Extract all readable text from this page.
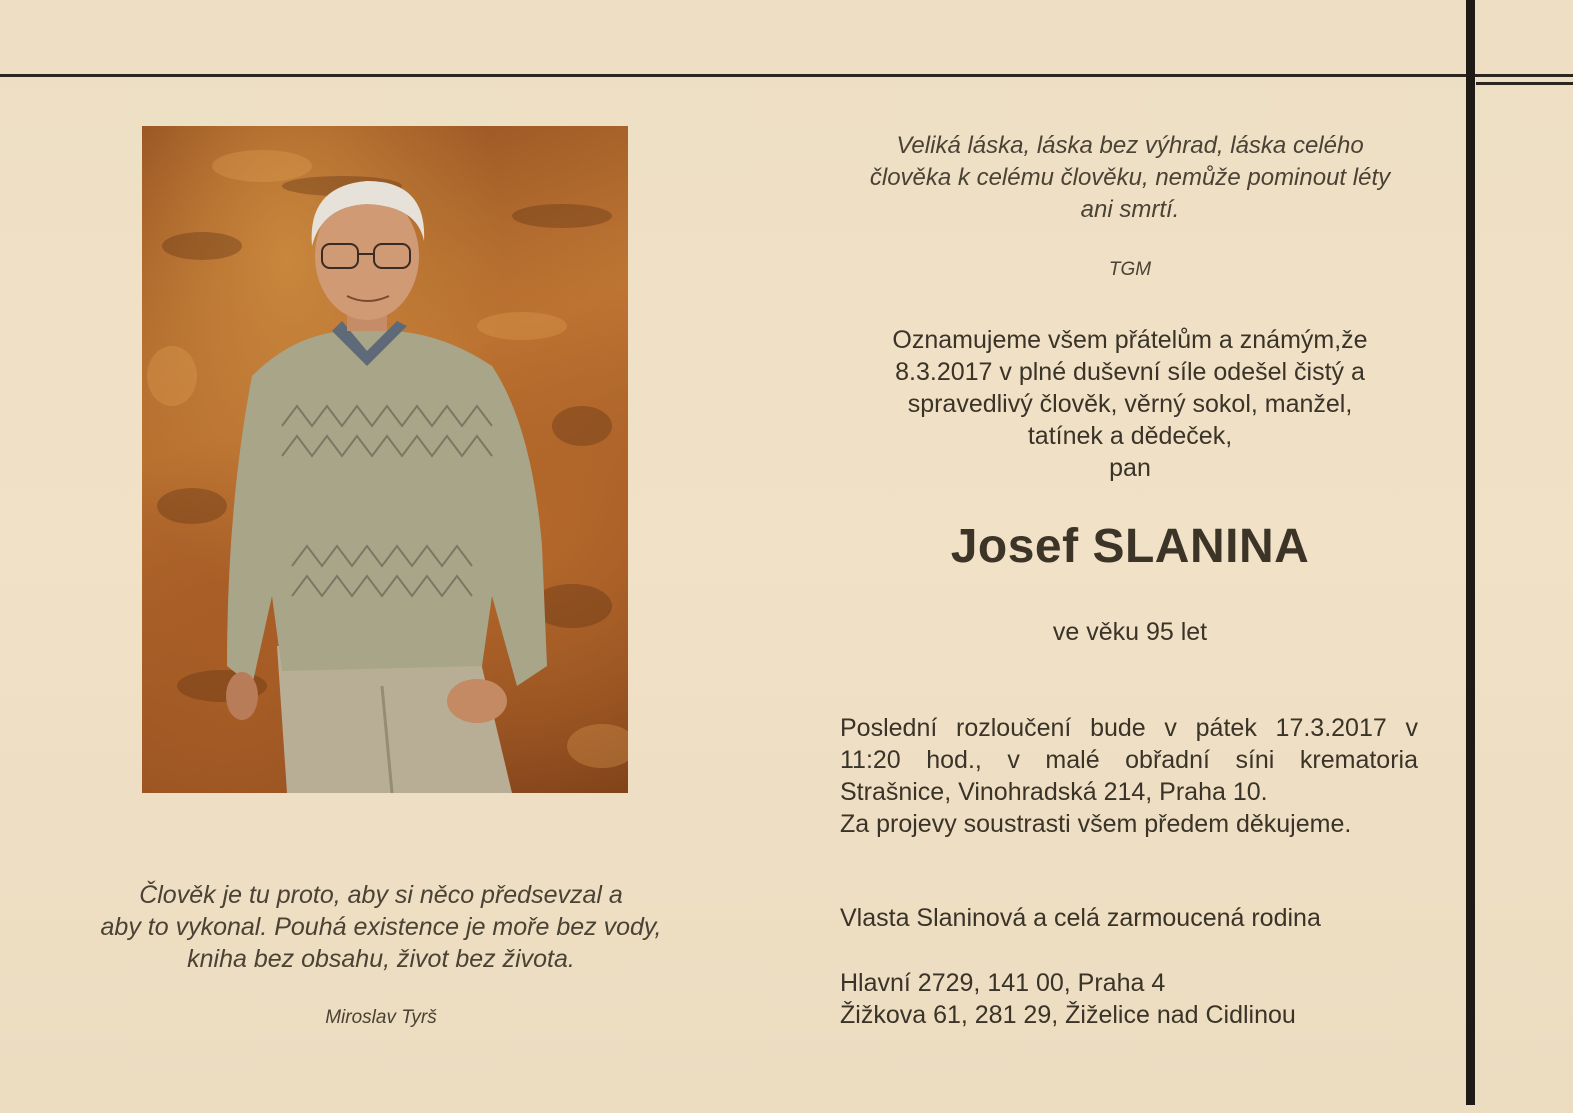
Veliká láska, láska bez výhrad, láska celého
člověka k celému člověku, nemůže pominout léty
ani smrtí.
TGM
Oznamujeme všem přátelům a známým,že
8.3.2017 v plné duševní síle odešel čistý a
spravedlivý člověk, věrný sokol, manžel,
tatínek a dědeček,
pan
Josef SLANINA
ve věku 95 let
Poslední rozloučení bude v pátek 17.3.2017 v
11:20 hod., v malé obřadní síni krematoria
Strašnice, Vinohradská 214, Praha 10.
Za projevy soustrasti všem předem děkujeme.
Vlasta Slaninová a celá zarmoucená rodina
Hlavní 2729, 141 00, Praha 4
Žižkova 61, 281 29, Žiželice nad Cidlinou
Člověk je tu proto, aby si něco předsevzal a
aby to vykonal. Pouhá existence je moře bez vody,
kniha bez obsahu, život bez života.
Miroslav Tyrš
